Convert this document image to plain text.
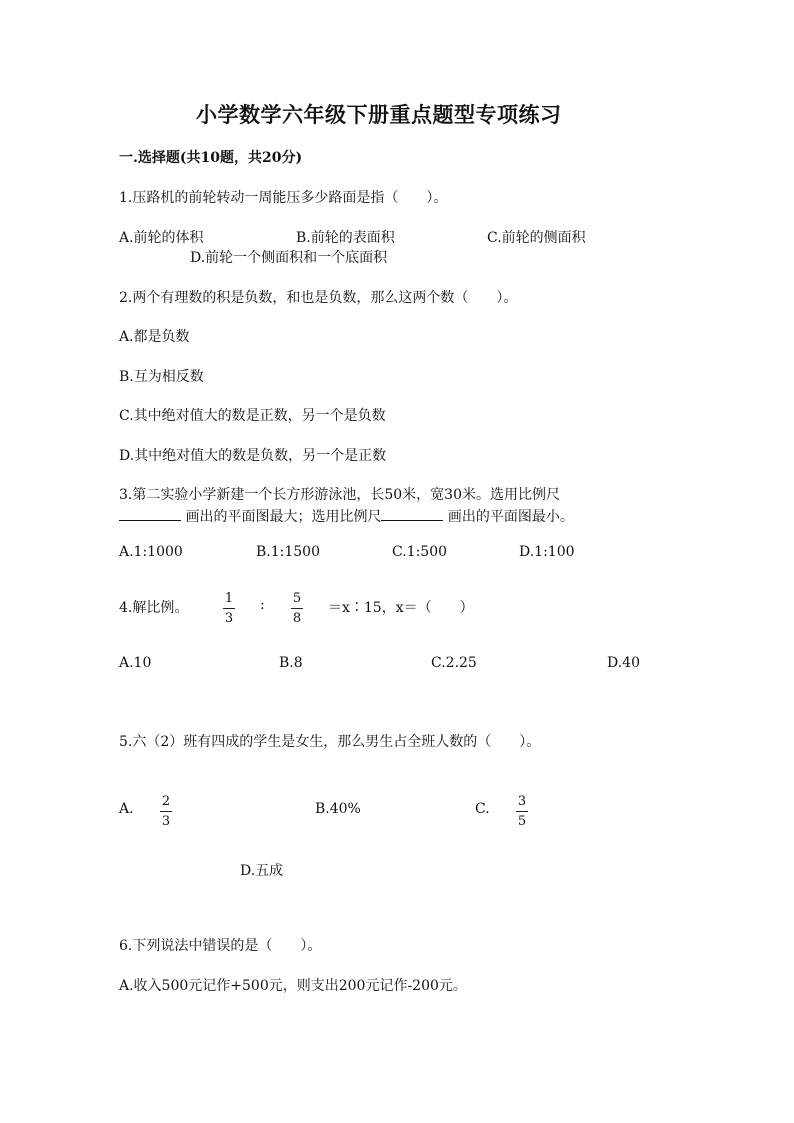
小学数学六年级下册重点题型专项练习
一.选择题(共10题，共20分)
1.压路机的前轮转动一周能压多少路面是指（　　）。
A.前轮的体积	B.前轮的表面积	C.前轮的侧面积
D.前轮一个侧面积和一个底面积
2.两个有理数的积是负数，和也是负数，那么这两个数（　　）。
A.都是负数
B.互为相反数
C.其中绝对值大的数是正数，另一个是负数
D.其中绝对值大的数是负数，另一个是正数
3.第二实验小学新建一个长方形游泳池，长50米，宽30米。选用比例尺
画出的平面图最大；选用比例尺	画出的平面图最小。
A.1:1000	B.1:1500	C.1:500	D.1:100
4.解比例。
1
3
: 5
8
＝x∶15，x＝（　　）
A.10	B.8	C.2.25	D.40
5.六（2）班有四成的学生是女生，那么男生占全班人数的（　　）。
A. 2
3
B.40%	C. 3
5
D.五成
6.下列说法中错误的是（　　）。
A.收入500元记作+500元，则支出200元记作-200元。
